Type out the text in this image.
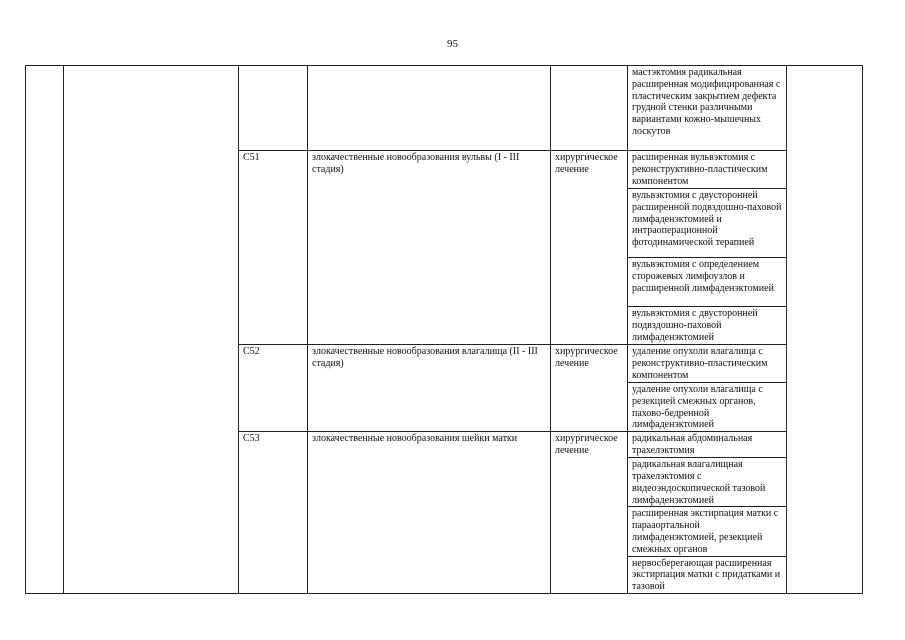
95
					мастэктомия радикальная расширенная модифицированная с пластическим закрытием дефекта грудной стенки различными вариантами кожно-мышечных лоскутов	
		C51	злокачественные новообразования вульвы (I - III стадия)	хирургическое лечение	расширенная вульвэктомия с реконструктивно-пластическим компонентом	
					вульвэктомия с двусторонней расширенной подвздошно-паховой лимфаденэктомией и интраоперационной фотодинамической терапией	
					вульвэктомия с определением сторожевых лимфоузлов и расширенной лимфаденэктомией	
					вульвэктомия с двусторонней подвздошно-паховой лимфаденэктомией	
		C52	злокачественные новообразования влагалища (II - III стадия)	хирургическое лечение	удаление опухоли влагалища с реконструктивно-пластическим компонентом	
					удаление опухоли влагалища с резекцией смежных органов, пахово-бедренной лимфаденэктомией	
		C53	злокачественные новообразования шейки матки	хирургическое лечение	радикальная абдоминальная трахелэктомия	
					радикальная влагалищная трахелэктомия с видеоэндоскопической тазовой лимфаденэктомией	
					расширенная экстирпация матки с парааортальной лимфаденэктомией, резекцией смежных органов	
					нервосберегающая расширенная экстирпация матки с придатками и тазовой	
